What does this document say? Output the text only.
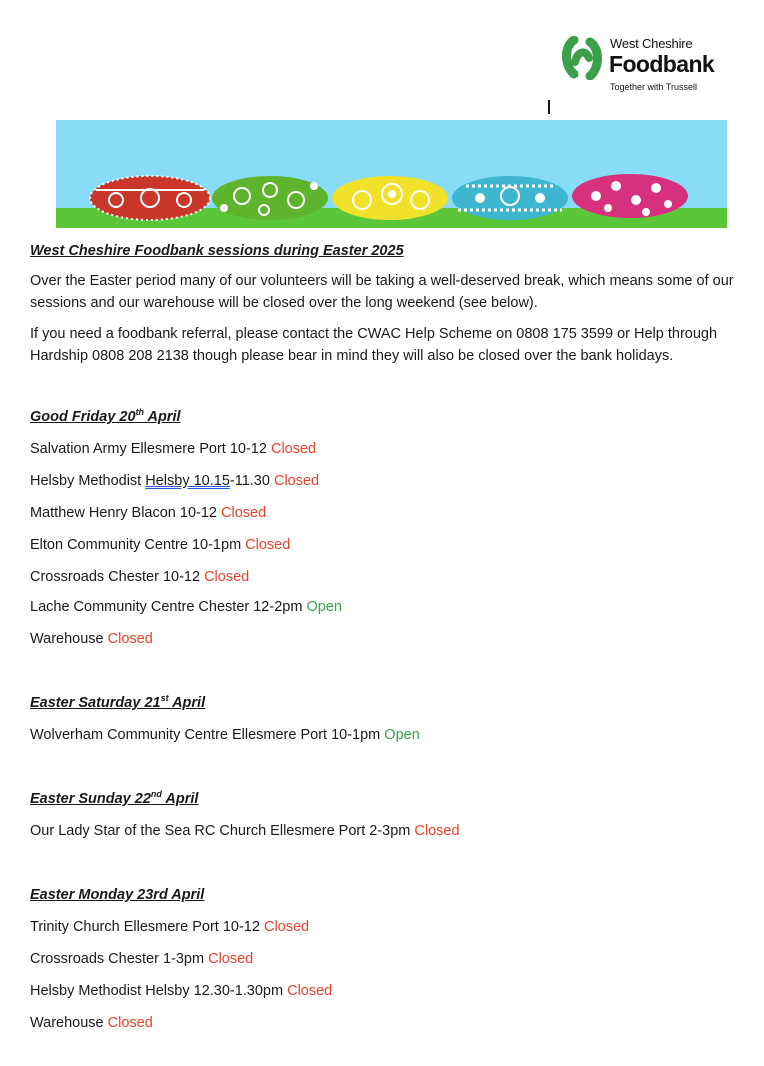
West Cheshire
Foodbank
Together with Trussell

West Cheshire Foodbank sessions during Easter 2025

Over the Easter period many of our volunteers will be taking a well-deserved break, which means some of our sessions and our warehouse will be closed over the long weekend (see below).

If you need a foodbank referral, please contact the CWAC Help Scheme on 0808 175 3599 or Help through Hardship 0808 208 2138 though please bear in mind they will also be closed over the bank holidays.

Good Friday 20th April

Salvation Army Ellesmere Port 10-12 Closed

Helsby Methodist Helsby 10.15-11.30 Closed

Matthew Henry Blacon 10-12 Closed

Elton Community Centre 10-1pm Closed

Crossroads Chester 10-12 Closed

Lache Community Centre Chester 12-2pm Open

Warehouse Closed

Easter Saturday 21st April

Wolverham Community Centre Ellesmere Port 10-1pm Open

Easter Sunday 22nd April

Our Lady Star of the Sea RC Church Ellesmere Port 2-3pm Closed

Easter Monday 23rd April

Trinity Church Ellesmere Port 10-12 Closed

Crossroads Chester 1-3pm Closed

Helsby Methodist Helsby 12.30-1.30pm Closed

Warehouse Closed
